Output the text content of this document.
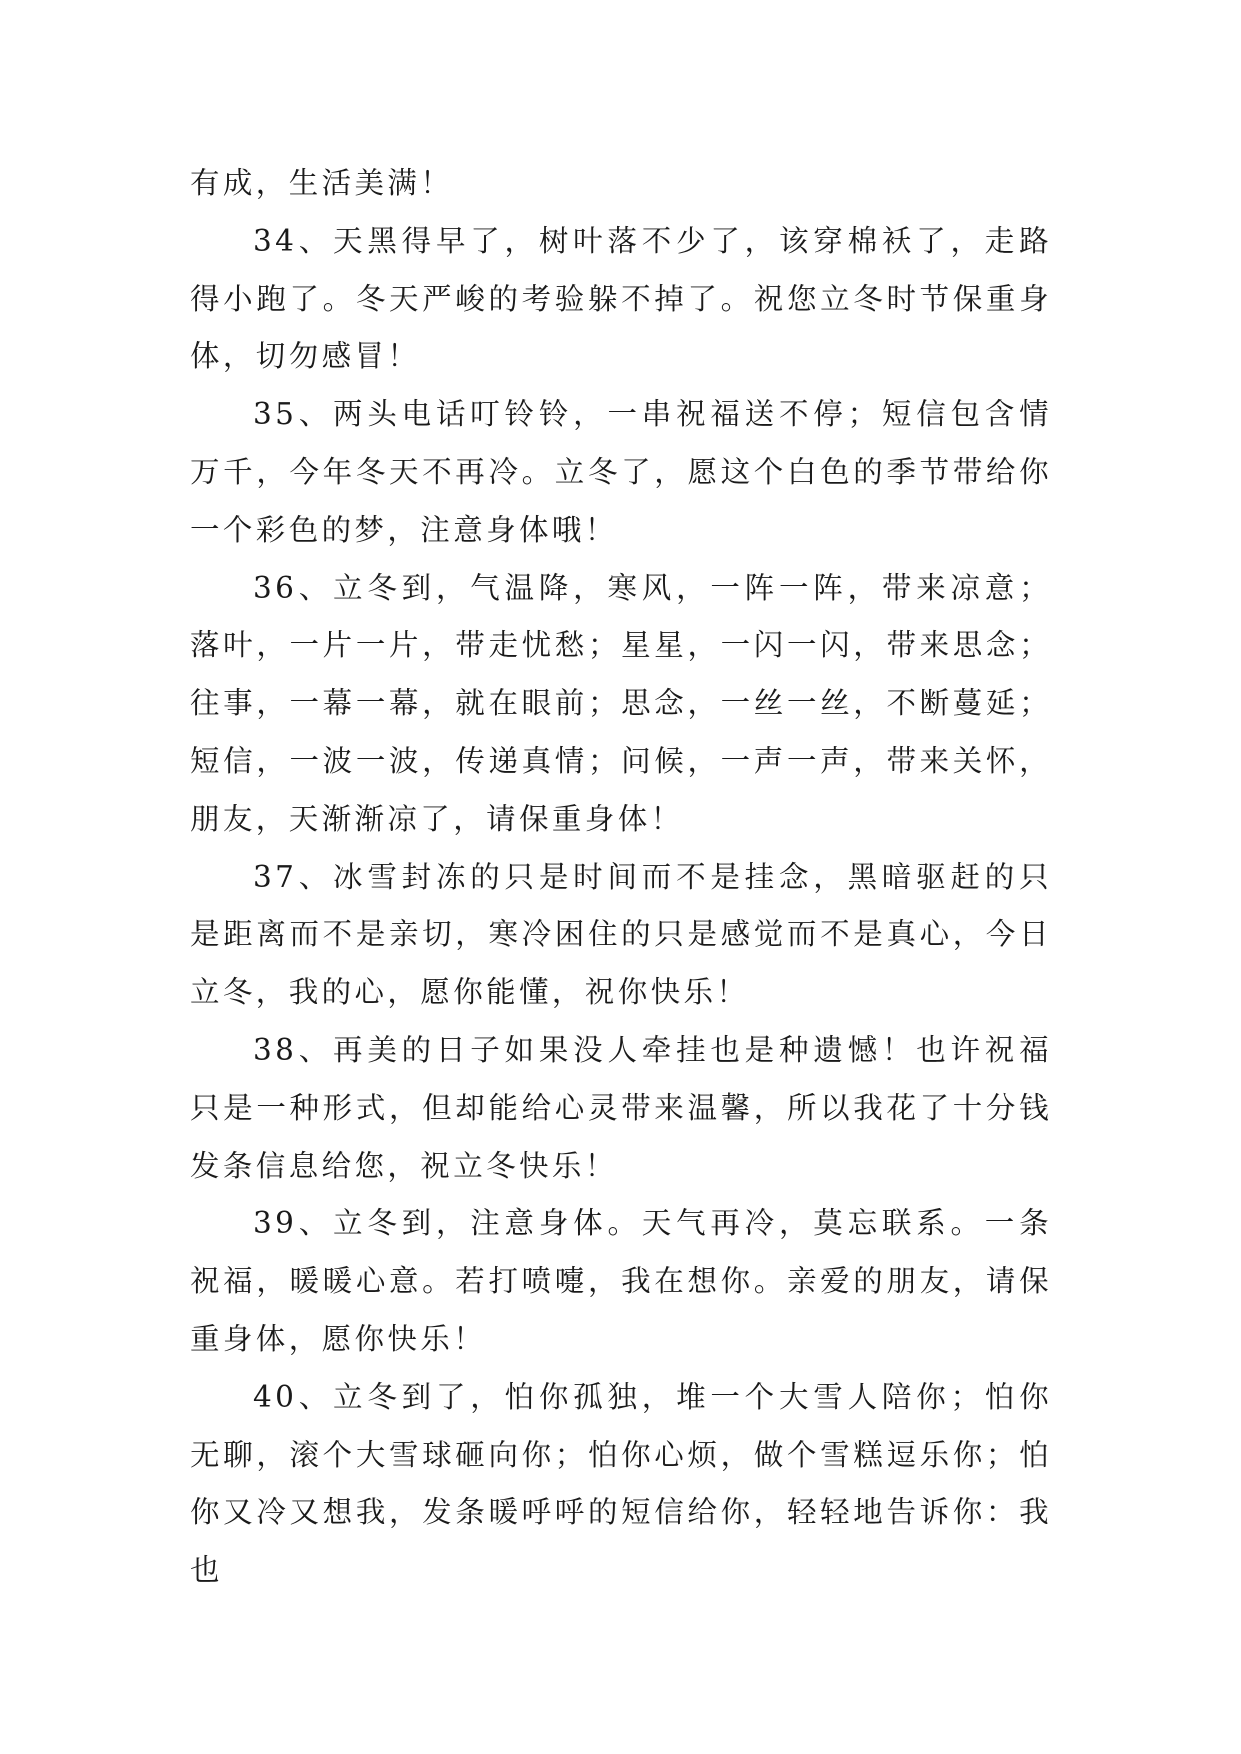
有成，生活美满！

34、天黑得早了，树叶落不少了，该穿棉袄了，走路得小跑了。冬天严峻的考验躲不掉了。祝您立冬时节保重身体，切勿感冒！

35、两头电话叮铃铃，一串祝福送不停；短信包含情万千，今年冬天不再冷。立冬了，愿这个白色的季节带给你一个彩色的梦，注意身体哦！

36、立冬到，气温降，寒风，一阵一阵，带来凉意；落叶，一片一片，带走忧愁；星星，一闪一闪，带来思念；往事，一幕一幕，就在眼前；思念，一丝一丝，不断蔓延；短信，一波一波，传递真情；问候，一声一声，带来关怀，朋友，天渐渐凉了，请保重身体！

37、冰雪封冻的只是时间而不是挂念，黑暗驱赶的只是距离而不是亲切，寒冷困住的只是感觉而不是真心，今日立冬，我的心，愿你能懂，祝你快乐！

38、再美的日子如果没人牵挂也是种遗憾！也许祝福只是一种形式，但却能给心灵带来温馨，所以我花了十分钱发条信息给您，祝立冬快乐！

39、立冬到，注意身体。天气再冷，莫忘联系。一条祝福，暖暖心意。若打喷嚏，我在想你。亲爱的朋友，请保重身体，愿你快乐！

40、立冬到了，怕你孤独，堆一个大雪人陪你；怕你无聊，滚个大雪球砸向你；怕你心烦，做个雪糕逗乐你；怕你又冷又想我，发条暖呼呼的短信给你，轻轻地告诉你：我也
